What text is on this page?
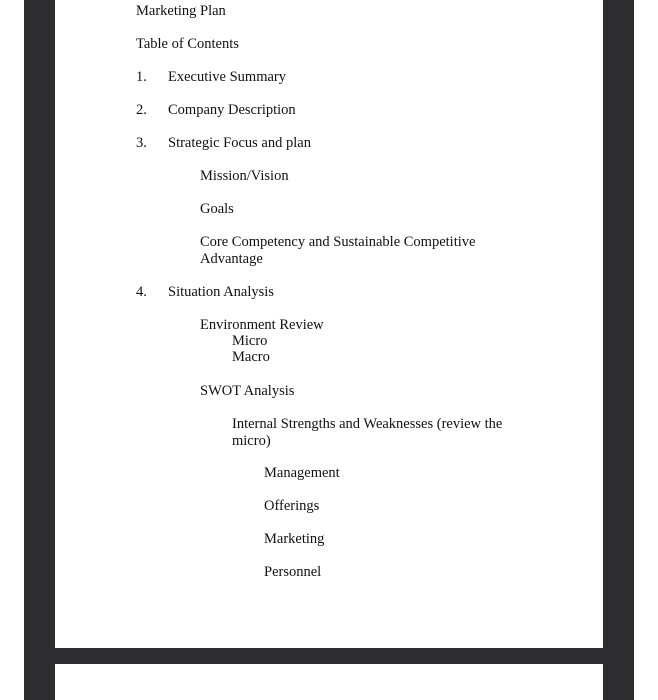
Marketing Plan
Table of Contents
1. Executive Summary
2. Company Description
3. Strategic Focus and plan
Mission/Vision
Goals
Core Competency and Sustainable Competitive Advantage
4. Situation Analysis
Environment Review
Micro
Macro
SWOT Analysis
Internal Strengths and Weaknesses (review the micro)
Management
Offerings
Marketing
Personnel
